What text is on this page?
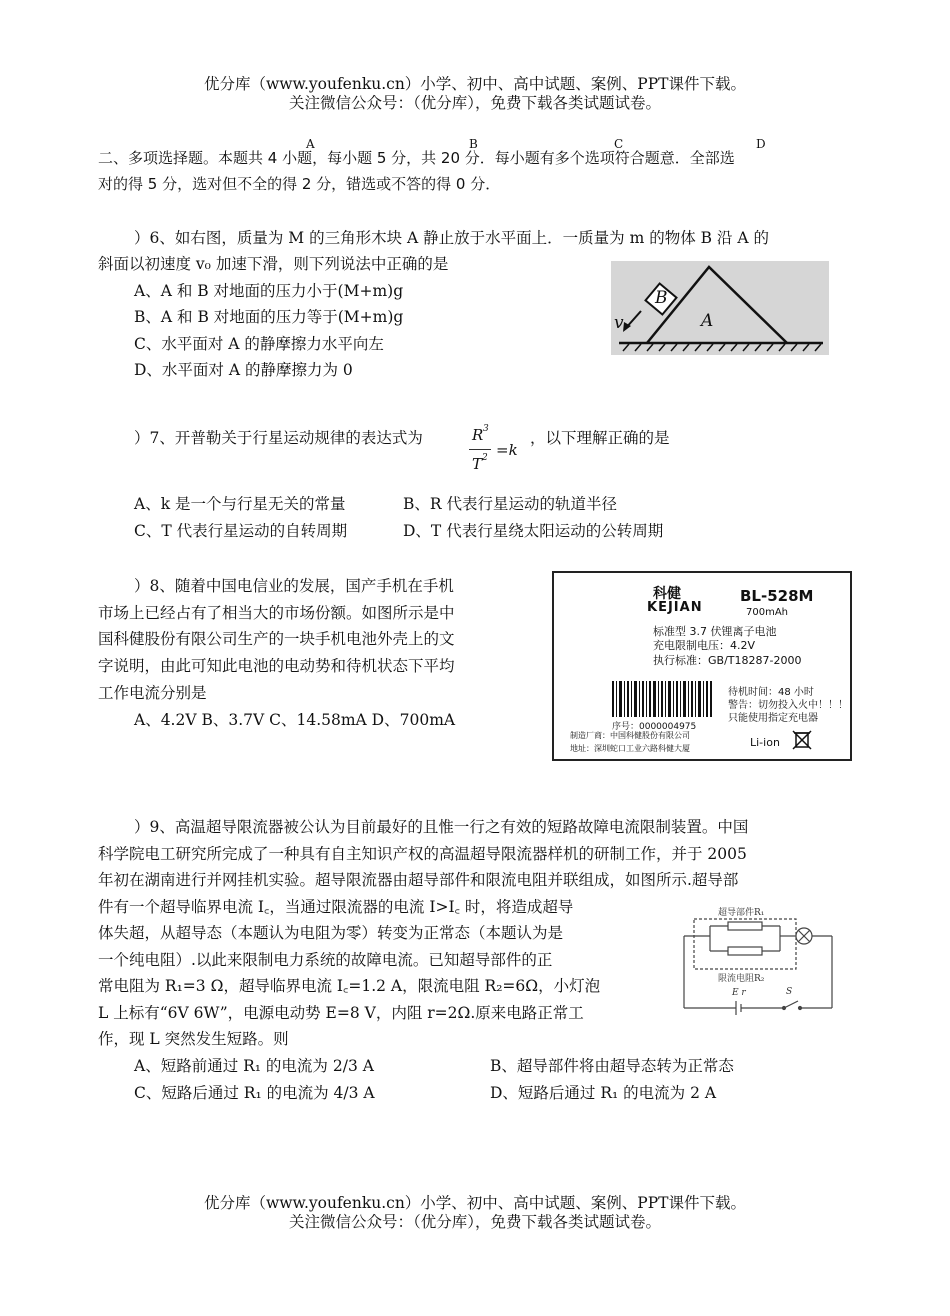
优分库（www.youfenku.cn）小学、初中、高中试题、案例、PPT课件下载。
关注微信公众号：（优分库），免费下载各类试题试卷。
A	B	C	D
二、多项选择题。本题共 4 小题，每小题 5 分，共 20 分．每小题有多个选项符合题意．全部选
对的得 5 分，选对但不全的得 2 分，错选或不答的得 0 分．
）6、如右图，质量为 M 的三角形木块 A 静止放于水平面上．一质量为 m 的物体 B 沿 A 的
斜面以初速度 v₀ 加速下滑，则下列说法中正确的是
A、A 和 B 对地面的压力小于(M+m)g
B、A 和 B 对地面的压力等于(M+m)g
C、水平面对 A 的静摩擦力水平向左
D、水平面对 A 的静摩擦力为 0
B
A
v
）7、开普勒关于行星运动规律的表达式为	R 3
T 2 =k
，以下理解正确的是
A、k 是一个与行星无关的常量	B、R 代表行星运动的轨道半径
C、T 代表行星运动的自转周期	D、T 代表行星绕太阳运动的公转周期
）8、随着中国电信业的发展，国产手机在手机
市场上已经占有了相当大的市场份额。如图所示是中
国科健股份有限公司生产的一块手机电池外壳上的文
字说明，由此可知此电池的电动势和待机状态下平均
工作电流分别是
A、4.2V B、3.7V C、14.58mA D、700mA
科健
KEJIAN
BL-528M
700mAh
标准型 3.7 伏锂离子电池
充电限制电压：4.2V
执行标准：GB/T18287-2000
序号：0000004975
待机时间：48 小时
警告：切勿投入火中！！！
只能使用指定充电器
制造厂商：中国科健股份有限公司
地址：深圳蛇口工业六路科健大厦	Li-ion
）9、高温超导限流器被公认为目前最好的且惟一行之有效的短路故障电流限制装置。中国
科学院电工研究所完成了一种具有自主知识产权的高温超导限流器样机的研制工作，并于 2005
年初在湖南进行并网挂机实验。超导限流器由超导部件和限流电阻并联组成，如图所示.超导部
件有一个超导临界电流 I꜀，当通过限流器的电流 I>I꜀ 时，将造成超导
体失超，从超导态（本题认为电阻为零）转变为正常态（本题认为是
一个纯电阻）.以此来限制电力系统的故障电流。已知超导部件的正
常电阻为 R₁=3 Ω，超导临界电流 I꜀=1.2 A，限流电阻 R₂=6Ω，小灯泡
L 上标有“6V 6W”，电源电动势 E=8 V，内阻 r=2Ω.原来电路正常工
作，现 L 突然发生短路。则
超导部件R₁
限流电阻R₂
E r	S
A、短路前通过 R₁ 的电流为 2/3 A	B、超导部件将由超导态转为正常态
C、短路后通过 R₁ 的电流为 4/3 A	D、短路后通过 R₁ 的电流为 2 A
优分库（www.youfenku.cn）小学、初中、高中试题、案例、PPT课件下载。
关注微信公众号：（优分库），免费下载各类试题试卷。
